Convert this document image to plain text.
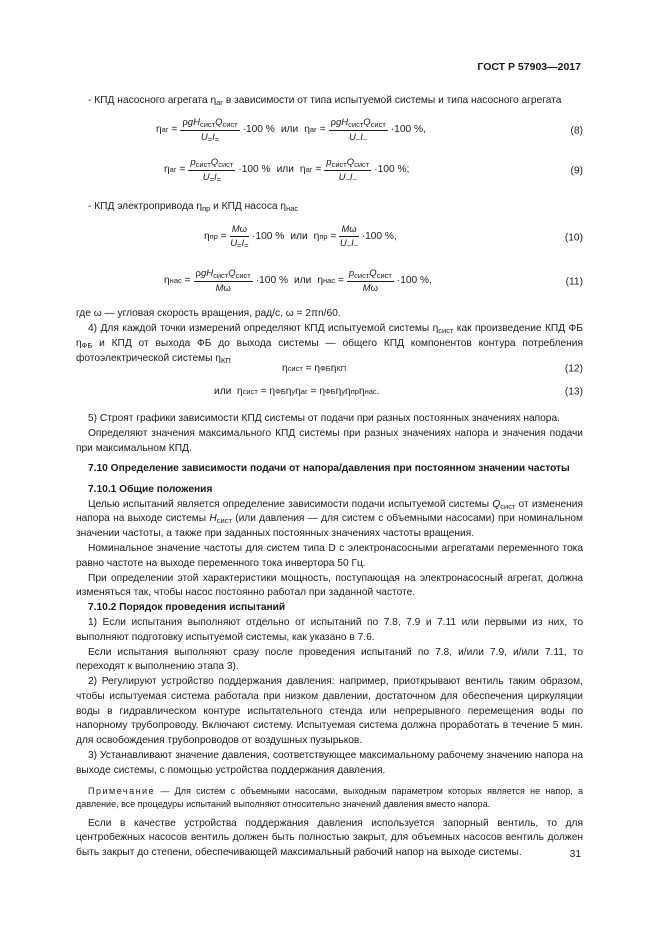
ГОСТ Р 57903—2017

- КПД насосного агрегата $\eta_{аг}$ в зависимости от типа испытуемой системы и типа насосного агрегата

η аг = $\frac{\rho gH_{сист}Q_{сист}}{U_=I_=} \cdot 100$ % или η аг = $\frac{\rho gH_{сист}Q_{сист}}{U_\sim I_\sim} \cdot 100$ %,	(8)
η аг = $\frac{p_{сист}Q_{сист}}{U_=I_=} \cdot 100$ % или η аг = $\frac{p_{сист}Q_{сист}}{U_\sim I_\sim} \cdot 100$ %;	(9)

- КПД электропривода $\eta_{пр}$ и КПД насоса $\eta_{нас}$

η пр = $\frac{M\omega}{U_=I_=} \cdot 100$ % или η пр = $\frac{M\omega}{U_\sim I_\sim} \cdot 100$ %,	(10)
η нас = $\frac{\rho gH_{сист}Q_{сист}}{M\omega} \cdot 100$ % или η нас = $\frac{p_{сист}Q_{сист}}{M\omega} \cdot 100$ %,	(11)

где ω — угловая скорость вращения, рад/с, ω = 2πn/60.

4) Для каждой точки измерений определяют КПД испытуемой системы $\eta_{сист}$ как произведение КПД ФБ $\eta_{ФБ}$ и КПД от выхода ФБ до выхода системы — общего КПД компонентов контура потребления фотоэлектрической системы $\eta_{КП}$

η сист = η ФБ η КП	(12)
или η сист = η ФБ η у η аг = η ФБ η у η пр η нас .	(13)

5) Строят графики зависимости КПД системы от подачи при разных постоянных значениях напора.

Определяют значения максимального КПД системы при разных значениях напора и значения подачи при максимальном КПД.

7.10 Определение зависимости подачи от напора/давления при постоянном значении частоты

7.10.1 Общие положения

Целью испытаний является определение зависимости подачи испытуемой системы $Q_{сист}$ от изменения напора на выходе системы $H_{сист}$ (или давления — для систем с объемными насосами) при номинальном значении частоты, а также при заданных постоянных значениях частоты вращения.

Номинальное значение частоты для систем типа D с электронасосными агрегатами переменного тока равно частоте на выходе переменного тока инвертора 50 Гц.

При определении этой характеристики мощность, поступающая на электронасосный агрегат, должна изменяться так, чтобы насос постоянно работал при заданной частоте.

7.10.2 Порядок проведения испытаний

1) Если испытания выполняют отдельно от испытаний по 7.8, 7.9 и 7.11 или первыми из них, то выполняют подготовку испытуемой системы, как указано в 7.6.

Если испытания выполняют сразу после проведения испытаний по 7.8, и/или 7.9, и/или 7.11, то переходят к выполнению этапа 3).

2) Регулируют устройство поддержания давления: например, приоткрывают вентиль таким образом, чтобы испытуемая система работала при низком давлении, достаточном для обеспечения циркуляции воды в гидравлическом контуре испытательного стенда или непрерывного перемещения воды по напорному трубопроводу. Включают систему. Испытуемая система должна проработать в течение 5 мин. для освобождения трубопроводов от воздушных пузырьков.

3) Устанавливают значение давления, соответствующее максимальному рабочему значению напора на выходе системы, с помощью устройства поддержания давления.

Примечание — Для систем с объемными насосами, выходным параметром которых является не напор, а давление, все процедуры испытаний выполняют относительно значений давления вместо напора.

Если в качестве устройства поддержания давления используется запорный вентиль, то для центробежных насосов вентиль должен быть полностью закрыт, для объемных насосов вентиль должен быть закрыт до степени, обеспечивающей максимальный рабочий напор на выходе системы.	31
